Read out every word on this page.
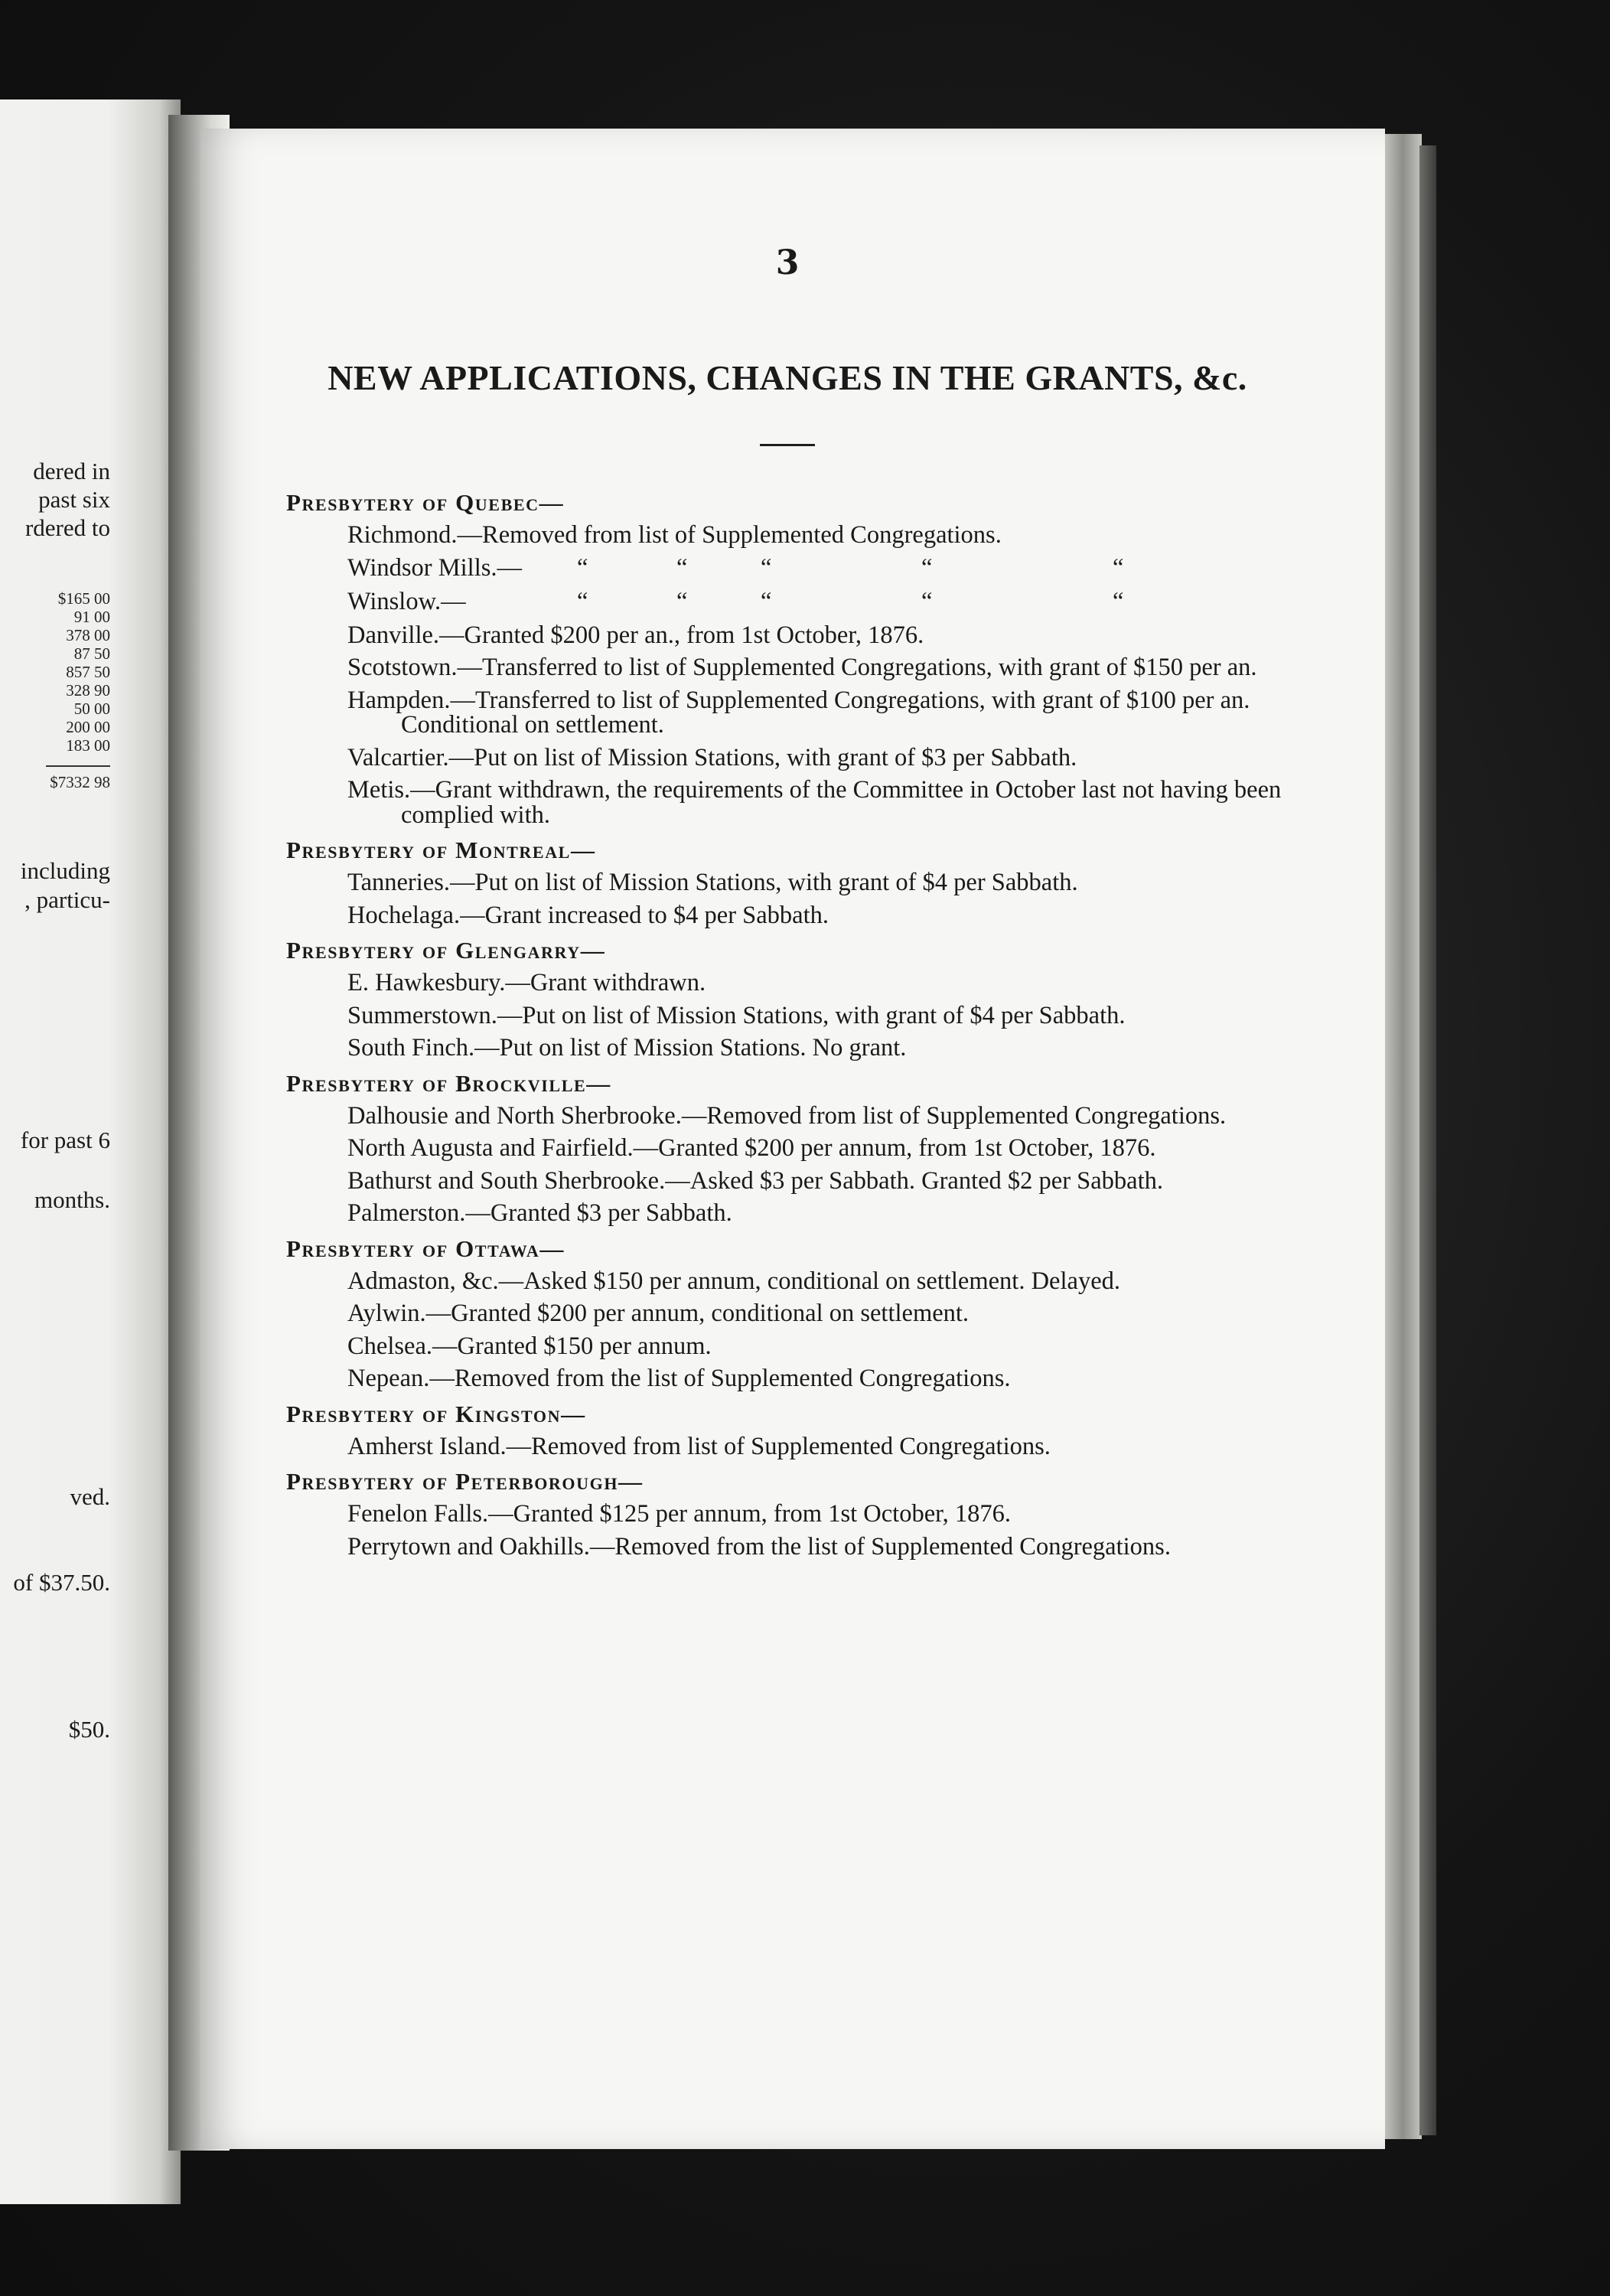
dered in
past six
rdered to
$165 00
91 00
378 00
87 50
857 50
328 90
50 00
200 00
183 00
$7332 98
including
, particu-
for past 6
months.
ved.
of $37.50.
$50.
3
NEW APPLICATIONS, CHANGES IN THE GRANTS, &c.
Presbytery of Quebec—
Richmond.—Removed from list of Supplemented Congregations.
Windsor Mills.— “	“	“	“	“
Winslow.—	“	“	“	“	“
Danville.—Granted $200 per an., from 1st October, 1876.
Scotstown.—Transferred to list of Supplemented Congregations, with grant of $150 per an.
Hampden.—Transferred to list of Supplemented Congregations, with grant of $100 per an. Conditional on settlement.
Valcartier.—Put on list of Mission Stations, with grant of $3 per Sabbath.
Metis.—Grant withdrawn, the requirements of the Committee in October last not having been complied with.
Presbytery of Montreal—
Tanneries.—Put on list of Mission Stations, with grant of $4 per Sabbath.
Hochelaga.—Grant increased to $4 per Sabbath.
Presbytery of Glengarry—
E. Hawkesbury.—Grant withdrawn.
Summerstown.—Put on list of Mission Stations, with grant of $4 per Sabbath.
South Finch.—Put on list of Mission Stations. No grant.
Presbytery of Brockville—
Dalhousie and North Sherbrooke.—Removed from list of Supplemented Congregations.
North Augusta and Fairfield.—Granted $200 per annum, from 1st October, 1876.
Bathurst and South Sherbrooke.—Asked $3 per Sabbath. Granted $2 per Sabbath.
Palmerston.—Granted $3 per Sabbath.
Presbytery of Ottawa—
Admaston, &c.—Asked $150 per annum, conditional on settlement. Delayed.
Aylwin.—Granted $200 per annum, conditional on settlement.
Chelsea.—Granted $150 per annum.
Nepean.—Removed from the list of Supplemented Congregations.
Presbytery of Kingston—
Amherst Island.—Removed from list of Supplemented Congregations.
Presbytery of Peterborough—
Fenelon Falls.—Granted $125 per annum, from 1st October, 1876.
Perrytown and Oakhills.—Removed from the list of Supplemented Congregations.
